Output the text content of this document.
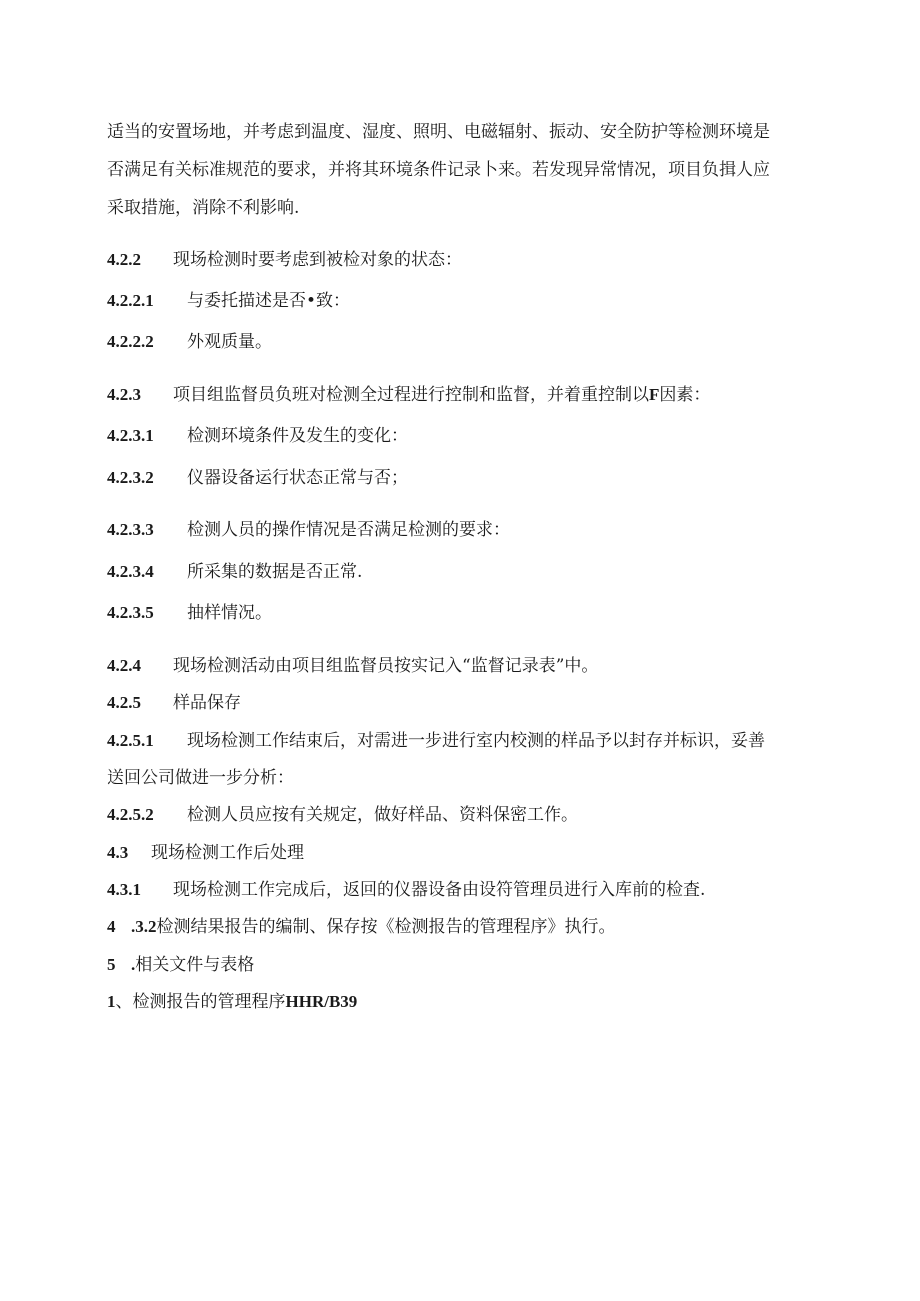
适当的安置场地，并考虑到温度、湿度、照明、电磁辐射、振动、安全防护等检测环境是
否满足有关标准规范的要求，并将其环境条件记录卜来。若发现异常情况，项目负揖人应
采取措施，消除不利影响.
4.2.2 现场检测时要考虑到被检对象的状态：
4.2.2.1 与委托描述是否•致：
4.2.2.2 外观质量。
4.2.3 项目组监督员负班对检测全过程进行控制和监督，并着重控制以F因素：
4.2.3.1 检测环境条件及发生的变化：
4.2.3.2 仪器设备运行状态正常与否；
4.2.3.3 检测人员的操作情况是否满足检测的要求：
4.2.3.4 所采集的数据是否正常.
4.2.3.5 抽样情况。
4.2.4 现场检测活动由项目组监督员按实记入“监督记录表”中。
4.2.5 样品保存
4.2.5.1 现场检测工作结束后，对需进一步进行室内校测的样品予以封存并标识，妥善
送回公司做进一步分析：
4.2.5.2 检测人员应按有关规定，做好样品、资料保密工作。
4.3 现场检测工作后处理
4.3.1 现场检测工作完成后，返回的仪器设备由设符管理员进行入库前的检査.
4 .3.2检测结果报告的编制、保存按《检测报告的管理程序》执行。
5 .相关文件与表格
1、检测报告的管理程序HHR/B39
